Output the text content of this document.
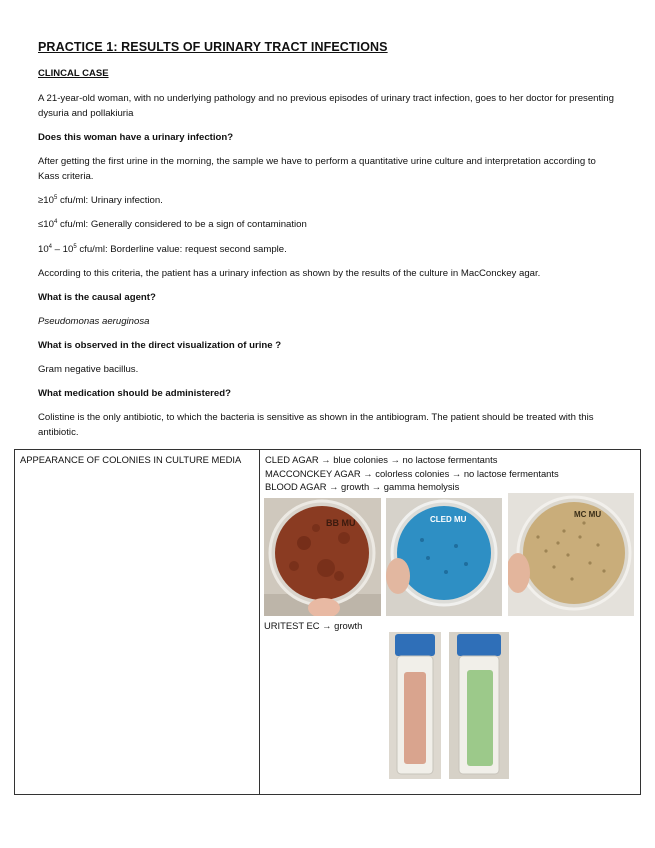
PRACTICE 1: RESULTS OF URINARY TRACT INFECTIONS
CLINCAL CASE

A 21-year-old woman, with no underlying pathology and no previous episodes of urinary tract infection, goes to her doctor for presenting dysuria and pollakiuria

Does this woman have a urinary infection?

After getting the first urine in the morning, the sample we have to perform a quantitative urine culture and interpretation according to Kass criteria.

$\ge 10^5$ cfu/ml: Urinary infection.

$\le 10^4$ cfu/ml: Generally considered to be a sign of contamination

$10^4 - 10^5$ cfu/ml: Borderline value: request second sample.

According to this criteria, the patient has a urinary infection as shown by the results of the culture in MacConckey agar.

What is the causal agent?

Pseudomonas aeruginosa

What is observed in the direct visualization of urine ?

Gram negative bacillus.

What medication should be administered?

Colistine is the only antibiotic, to which the bacteria is sensitive as shown in the antibiogram. The patient should be treated with this antibiotic.

APPEARANCE OF COLONIES IN CULTURE MEDIA	CLED AGAR → blue colonies → no lactose fermentants
MACCONCKEY AGAR → colorless colonies → no lactose fermentants
BLOOD AGAR → growth → gamma hemolysis
BB MU	CLED MU
MC MU
URITEST EC → growth
